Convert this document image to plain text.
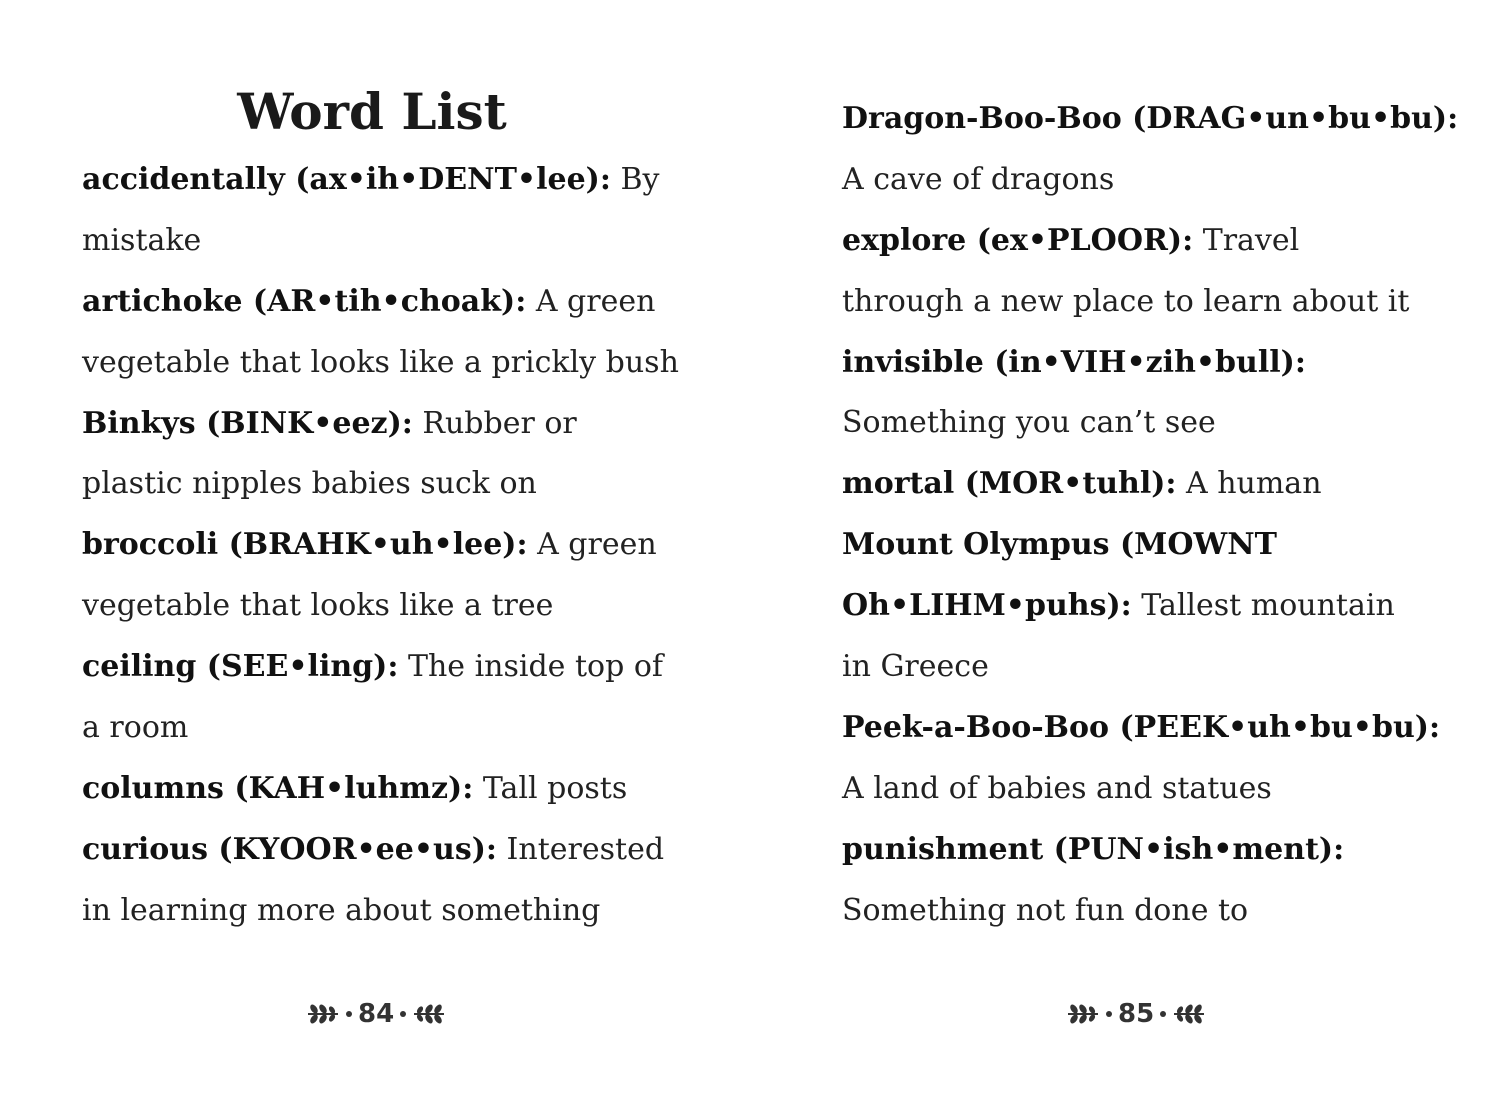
Word List
accidentally (ax•ih•DENT•lee): By
mistake
artichoke (AR•tih•choak): A green
vegetable that looks like a prickly bush
Binkys (BINK•eez): Rubber or
plastic nipples babies suck on
broccoli (BRAHK•uh•lee): A green
vegetable that looks like a tree
ceiling (SEE•ling): The inside top of
a room
columns (KAH•luhmz): Tall posts
curious (KYOOR•ee•us): Interested
in learning more about something
84
Dragon-Boo-Boo (DRAG•un•bu•bu):
A cave of dragons
explore (ex•PLOOR): Travel
through a new place to learn about it
invisible (in•VIH•zih•bull):
Something you can’t see
mortal (MOR•tuhl): A human
Mount Olympus (MOWNT
Oh•LIHM•puhs): Tallest mountain
in Greece
Peek-a-Boo-Boo (PEEK•uh•bu•bu):
A land of babies and statues
punishment (PUN•ish•ment):
Something not fun done to
85
